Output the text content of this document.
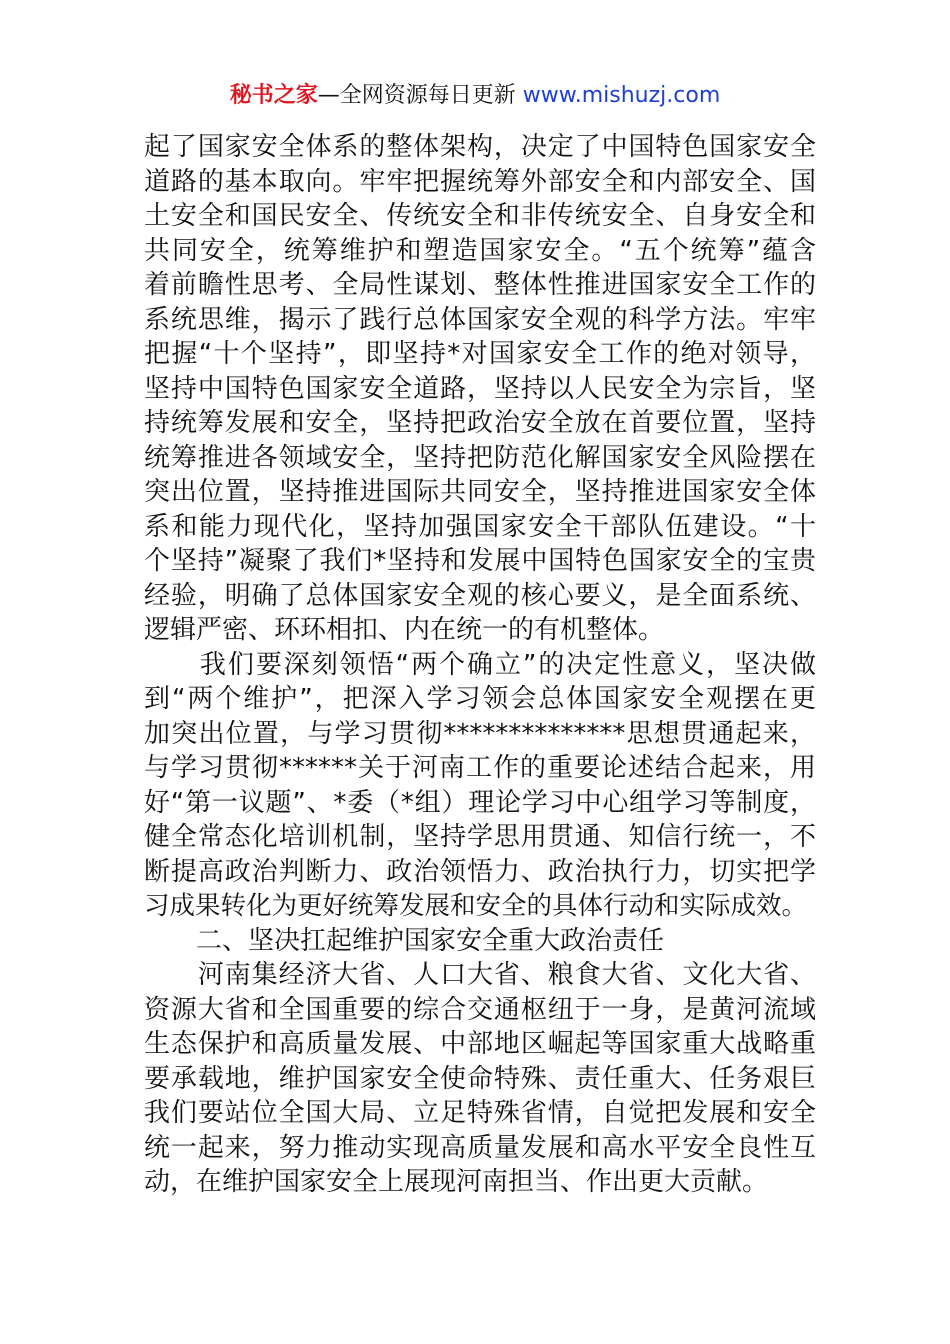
秘书之家—全网资源每日更新 www.mishuzj.com
起了国家安全体系的整体架构，决定了中国特色国家安全
道路的基本取向。牢牢把握统筹外部安全和内部安全、国
土安全和国民安全、传统安全和非传统安全、自身安全和
共同安全，统筹维护和塑造国家安全。“五个统筹”蕴含
着前瞻性思考、全局性谋划、整体性推进国家安全工作的
系统思维，揭示了践行总体国家安全观的科学方法。牢牢
把握“十个坚持”，即坚持*对国家安全工作的绝对领导，
坚持中国特色国家安全道路，坚持以人民安全为宗旨，坚
持统筹发展和安全，坚持把政治安全放在首要位置，坚持
统筹推进各领域安全，坚持把防范化解国家安全风险摆在
突出位置，坚持推进国际共同安全，坚持推进国家安全体
系和能力现代化，坚持加强国家安全干部队伍建设。“十
个坚持”凝聚了我们*坚持和发展中国特色国家安全的宝贵
经验，明确了总体国家安全观的核心要义，是全面系统、
逻辑严密、环环相扣、内在统一的有机整体。
　　我们要深刻领悟“两个确立”的决定性意义，坚决做
到“两个维护”，把深入学习领会总体国家安全观摆在更
加突出位置，与学习贯彻**************思想贯通起来，
与学习贯彻******关于河南工作的重要论述结合起来，用
好“第一议题”、*委（*组）理论学习中心组学习等制度，
健全常态化培训机制，坚持学思用贯通、知信行统一，不
断提高政治判断力、政治领悟力、政治执行力，切实把学
习成果转化为更好统筹发展和安全的具体行动和实际成效。
　　二、坚决扛起维护国家安全重大政治责任
　　河南集经济大省、人口大省、粮食大省、文化大省、
资源大省和全国重要的综合交通枢纽于一身，是黄河流域
生态保护和高质量发展、中部地区崛起等国家重大战略重
要承载地，维护国家安全使命特殊、责任重大、任务艰巨
我们要站位全国大局、立足特殊省情，自觉把发展和安全
统一起来，努力推动实现高质量发展和高水平安全良性互
动，在维护国家安全上展现河南担当、作出更大贡献。
